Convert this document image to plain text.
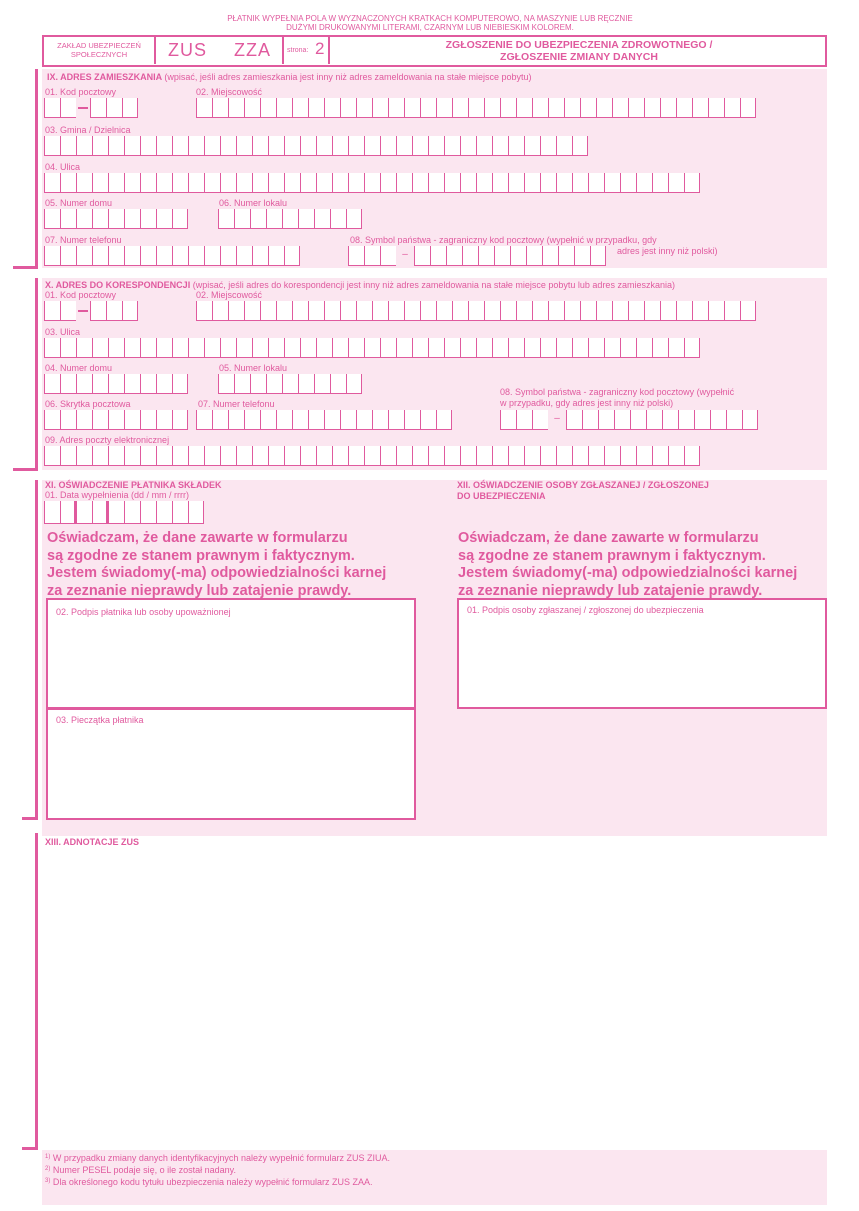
PŁATNIK WYPEŁNIA POLA W WYZNACZONYCH KRATKACH KOMPUTEROWO, NA MASZYNIE LUB RĘCZNIE
DUŻYMI DRUKOWANYMI LITERAMI, CZARNYM LUB NIEBIESKIM KOLOREM.
ZAKŁAD UBEZPIECZEŃ
SPOŁECZNYCH	ZUS ZZA strona: 2	ZGŁOSZENIE DO UBEZPIECZENIA ZDROWOTNEGO /
ZGŁOSZENIE ZMIANY DANYCH
IX. ADRES ZAMIESZKANIA (wpisać, jeśli adres zamieszkania jest inny niż adres zameldowania na stałe miejsce pobytu)
01. Kod pocztowy	02. Miejscowość
03. Gmina / Dzielnica
04. Ulica
05. Numer domu	06. Numer lokalu
07. Numer telefonu	08. Symbol państwa - zagraniczny kod pocztowy (wypełnić w przypadku, gdy
adres jest inny niż polski)
–
X. ADRES DO KORESPONDENCJI (wpisać, jeśli adres do korespondencji jest inny niż adres zameldowania na stałe miejsce pobytu lub adres zamieszkania)
01. Kod pocztowy	02. Miejscowość
03. Ulica
04. Numer domu	05. Numer lokalu
06. Skrytka pocztowa	07. Numer telefonu
08. Symbol państwa - zagraniczny kod pocztowy (wypełnić
w przypadku, gdy adres jest inny niż polski)
–
09. Adres poczty elektronicznej
XI. OŚWIADCZENIE PŁATNIKA SKŁADEK
01. Data wypełnienia (dd / mm / rrrr)
Oświadczam, że dane zawarte w formularzu
są zgodne ze stanem prawnym i faktycznym.
Jestem świadomy(-ma) odpowiedzialności karnej
za zeznanie nieprawdy lub zatajenie prawdy.
02. Podpis płatnika lub osoby upoważnionej
03. Pieczątka płatnika
XII. OŚWIADCZENIE OSOBY ZGŁASZANEJ / ZGŁOSZONEJ
DO UBEZPIECZENIA
Oświadczam, że dane zawarte w formularzu
są zgodne ze stanem prawnym i faktycznym.
Jestem świadomy(-ma) odpowiedzialności karnej
za zeznanie nieprawdy lub zatajenie prawdy.
01. Podpis osoby zgłaszanej / zgłoszonej do ubezpieczenia
XIII. ADNOTACJE ZUS
$^{1)}$ W przypadku zmiany danych identyfikacyjnych należy wypełnić formularz ZUS ZIUA.
$^{2)}$ Numer PESEL podaje się, o ile został nadany.
$^{3)}$ Dla określonego kodu tytułu ubezpieczenia należy wypełnić formularz ZUS ZAA.
